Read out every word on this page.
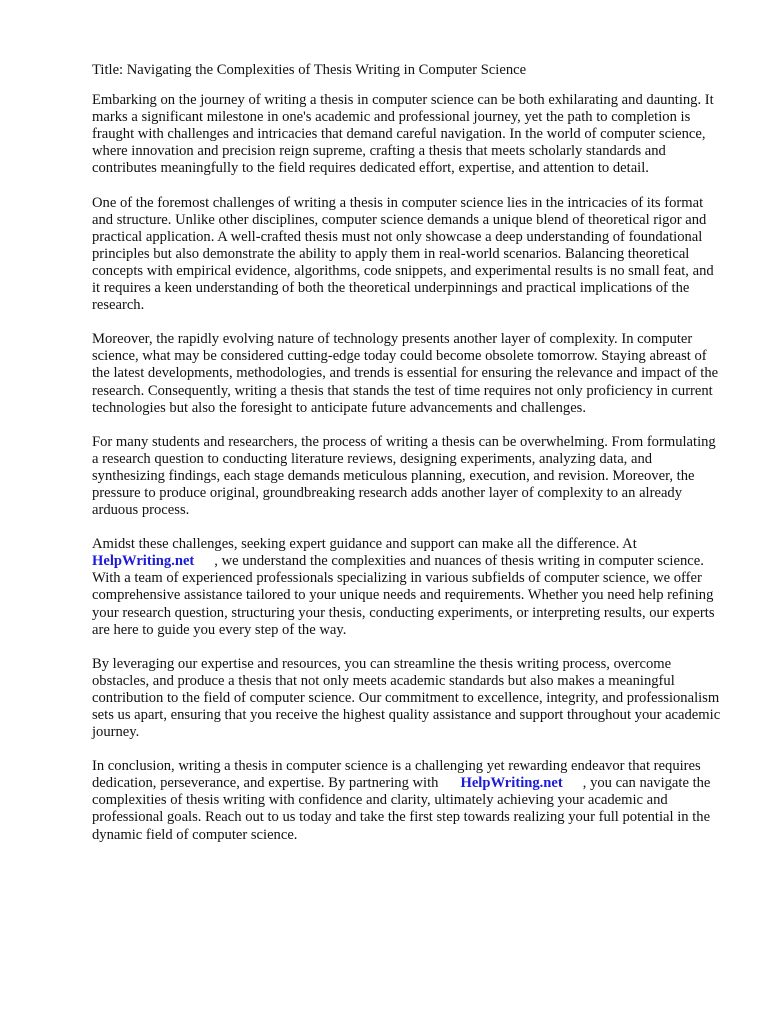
Title: Navigating the Complexities of Thesis Writing in Computer Science

Embarking on the journey of writing a thesis in computer science can be both exhilarating and daunting. It marks a significant milestone in one's academic and professional journey, yet the path to completion is fraught with challenges and intricacies that demand careful navigation. In the world of computer science, where innovation and precision reign supreme, crafting a thesis that meets scholarly standards and contributes meaningfully to the field requires dedicated effort, expertise, and attention to detail.

One of the foremost challenges of writing a thesis in computer science lies in the intricacies of its format and structure. Unlike other disciplines, computer science demands a unique blend of theoretical rigor and practical application. A well-crafted thesis must not only showcase a deep understanding of foundational principles but also demonstrate the ability to apply them in real-world scenarios. Balancing theoretical concepts with empirical evidence, algorithms, code snippets, and experimental results is no small feat, and it requires a keen understanding of both the theoretical underpinnings and practical implications of the research.

Moreover, the rapidly evolving nature of technology presents another layer of complexity. In computer science, what may be considered cutting-edge today could become obsolete tomorrow. Staying abreast of the latest developments, methodologies, and trends is essential for ensuring the relevance and impact of the research. Consequently, writing a thesis that stands the test of time requires not only proficiency in current technologies but also the foresight to anticipate future advancements and challenges.

For many students and researchers, the process of writing a thesis can be overwhelming. From formulating a research question to conducting literature reviews, designing experiments, analyzing data, and synthesizing findings, each stage demands meticulous planning, execution, and revision. Moreover, the pressure to produce original, groundbreaking research adds another layer of complexity to an already arduous process.

Amidst these challenges, seeking expert guidance and support can make all the difference. At HelpWriting.net , we understand the complexities and nuances of thesis writing in computer science. With a team of experienced professionals specializing in various subfields of computer science, we offer comprehensive assistance tailored to your unique needs and requirements. Whether you need help refining your research question, structuring your thesis, conducting experiments, or interpreting results, our experts are here to guide you every step of the way.

By leveraging our expertise and resources, you can streamline the thesis writing process, overcome obstacles, and produce a thesis that not only meets academic standards but also makes a meaningful contribution to the field of computer science. Our commitment to excellence, integrity, and professionalism sets us apart, ensuring that you receive the highest quality assistance and support throughout your academic journey.

In conclusion, writing a thesis in computer science is a challenging yet rewarding endeavor that requires dedication, perseverance, and expertise. By partnering with HelpWriting.net , you can navigate the complexities of thesis writing with confidence and clarity, ultimately achieving your academic and professional goals. Reach out to us today and take the first step towards realizing your full potential in the dynamic field of computer science.
